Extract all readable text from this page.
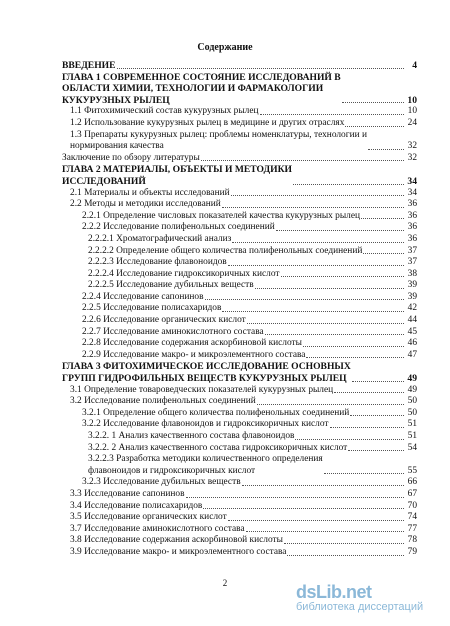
Содержание
ВВЕДЕНИЕ	4
ГЛАВА 1 СОВРЕМЕННОЕ СОСТОЯНИЕ ИССЛЕДОВАНИЙ В
ОБЛАСТИ ХИМИИ, ТЕХНОЛОГИИ И ФАРМАКОЛОГИИ
КУКУРУЗНЫХ РЫЛЕЦ	10
1.1 Фитохимический состав кукурузных рылец	10
1.2 Использование кукурузных рылец в медицине и других отраслях	24
1.3 Препараты кукурузных рылец: проблемы номенклатуры, технологии и
нормирования качества	32
Заключение по обзору литературы	32
ГЛАВА 2 МАТЕРИАЛЫ, ОБЪЕКТЫ И МЕТОДИКИ
ИССЛЕДОВАНИЙ	34
2.1 Материалы и объекты исследований	34
2.2 Методы и методики исследований	36
2.2.1 Определение числовых показателей качества кукурузных рылец	36
2.2.2 Исследование полифенольных соединений	36
2.2.2.1 Хроматографический анализ	36
2.2.2.2 Определение общего количества полифенольных соединений	37
2.2.2.3 Исследование флавоноидов	37
2.2.2.4 Исследование гидроксикоричных кислот	38
2.2.2.5 Исследование дубильных веществ	39
2.2.4 Исследование сапонинов	39
2.2.5 Исследование полисахаридов	42
2.2.6 Исследование органических кислот	44
2.2.7 Исследование аминокислотного состава	45
2.2.8 Исследование содержания аскорбиновой кислоты	46
2.2.9 Исследование макро- и микроэлементного состава	47
ГЛАВА 3 ФИТОХИМИЧЕСКОЕ ИССЛЕДОВАНИЕ ОСНОВНЫХ
ГРУПП ГИДРОФИЛЬНЫХ ВЕЩЕСТВ КУКУРУЗНЫХ РЫЛЕЦ	49
3.1 Определение товароведческих показателей кукурузных рылец	49
3.2 Исследование полифенольных соединений	50
3.2.1 Определение общего количества полифенольных соединений	50
3.2.2 Исследование флавоноидов и гидроксикоричных кислот	51
3.2.2. 1 Анализ качественного состава флавоноидов	51
3.2.2. 2 Анализ качественного состава гидроксикоричных кислот	54
3.2.2.3 Разработка методики количественного определения
флавоноидов и гидроксикоричных кислот	55
3.2.3 Исследование дубильных веществ	66
3.3 Исследование сапонинов	67
3.4 Исследование полисахаридов	70
3.5 Исследование органических кислот	74
3.7 Исследование аминокислотного состава	77
3.8 Исследование содержания аскорбиновой кислоты	78
3.9 Исследование макро- и микроэлементного состава	79
2	dsLib.net
библиотека диссертаций
